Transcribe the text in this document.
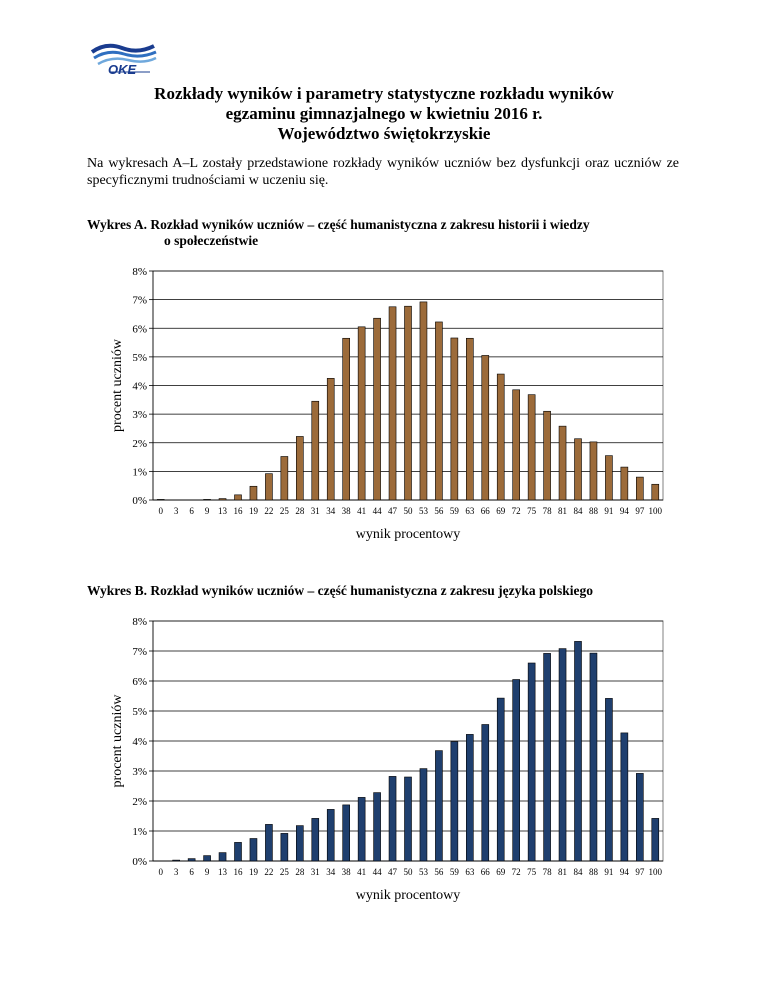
OKE
Rozkłady wyników i parametry statystyczne rozkładu wyników
egzaminu gimnazjalnego w kwietniu 2016 r.
Województwo świętokrzyskie
Na wykresach A–L zostały przedstawione rozkłady wyników uczniów bez dysfunkcji oraz uczniów ze specyficznymi trudnościami w uczeniu się.
Wykres A. Rozkład wyników uczniów – część humanistyczna z zakresu historii i wiedzy
o społeczeństwie
0%
1%
2%
3%
4%
5%
6%
7%
8%
0 3 6 9 13 16 19 22 25 28 31 34 38 41 44 47 50 53 56 59 63 66 69 72 75 78 81 84 88 91 94 97 100
wynik procentowy
procent uczniów
Wykres B. Rozkład wyników uczniów – część humanistyczna z zakresu języka polskiego
0%
1%
2%
3%
4%
5%
6%
7%
8%
0 3 6 9 13 16 19 22 25 28 31 34 38 41 44 47 50 53 56 59 63 66 69 72 75 78 81 84 88 91 94 97 100
wynik procentowy
procent uczniów
